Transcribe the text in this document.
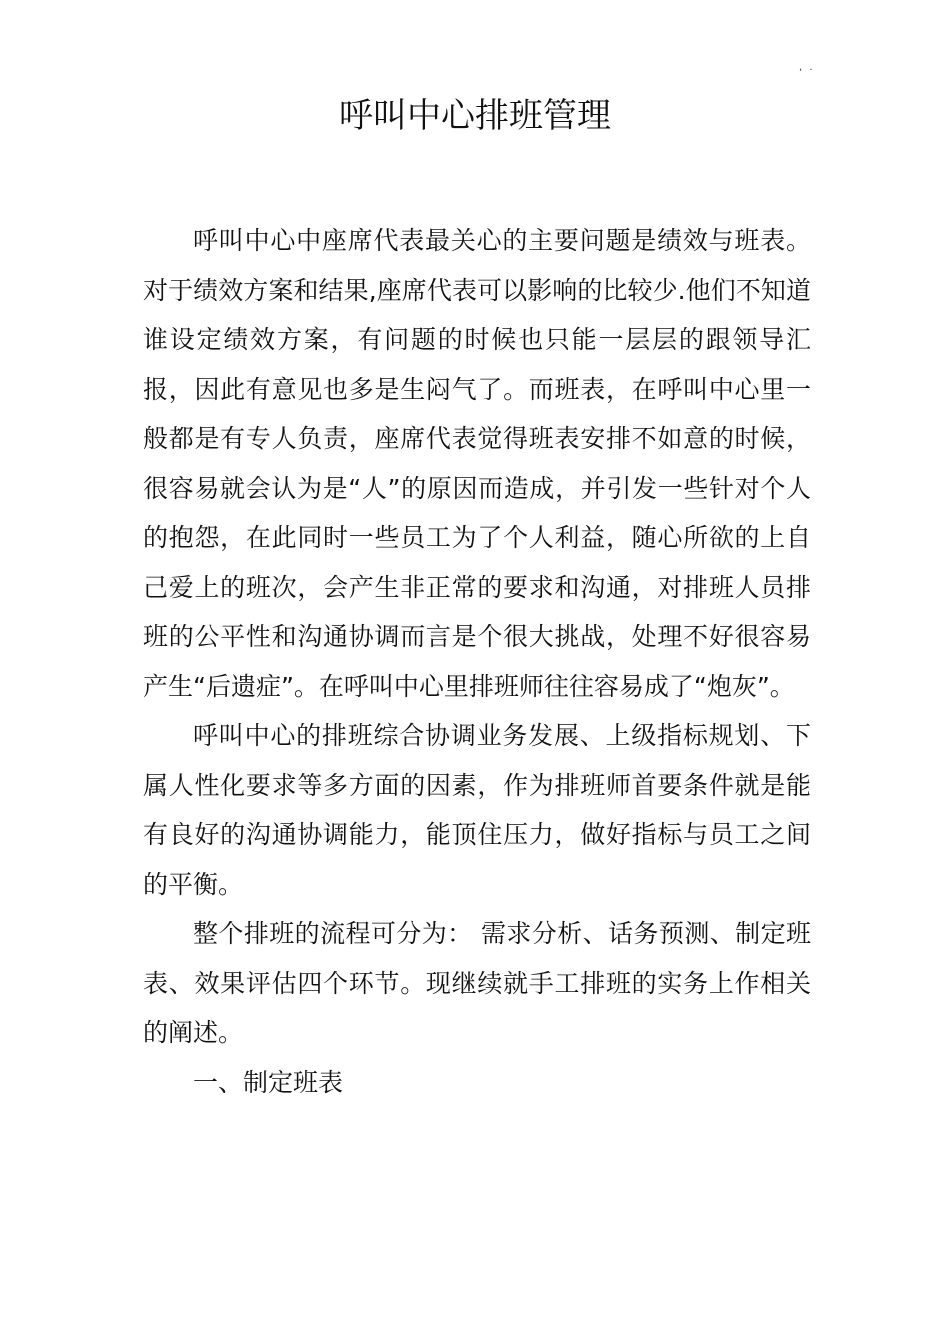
, .
呼叫中心排班管理

呼叫中心中座席代表最关心的主要问题是绩效与班表。对于绩效方案和结果,座席代表可以影响的比较少.他们不知道谁设定绩效方案，有问题的时候也只能一层层的跟领导汇报，因此有意见也多是生闷气了。而班表，在呼叫中心里一般都是有专人负责，座席代表觉得班表安排不如意的时候，很容易就会认为是“人”的原因而造成，并引发一些针对个人的抱怨，在此同时一些员工为了个人利益，随心所欲的上自己爱上的班次，会产生非正常的要求和沟通，对排班人员排班的公平性和沟通协调而言是个很大挑战，处理不好很容易产生“后遗症”。在呼叫中心里排班师往往容易成了“炮灰”。

呼叫中心的排班综合协调业务发展、上级指标规划、下属人性化要求等多方面的因素，作为排班师首要条件就是能有良好的沟通协调能力，能顶住压力，做好指标与员工之间的平衡。

整个排班的流程可分为： 需求分析、话务预测、制定班表、效果评估四个环节。现继续就手工排班的实务上作相关的阐述。

一、制定班表
